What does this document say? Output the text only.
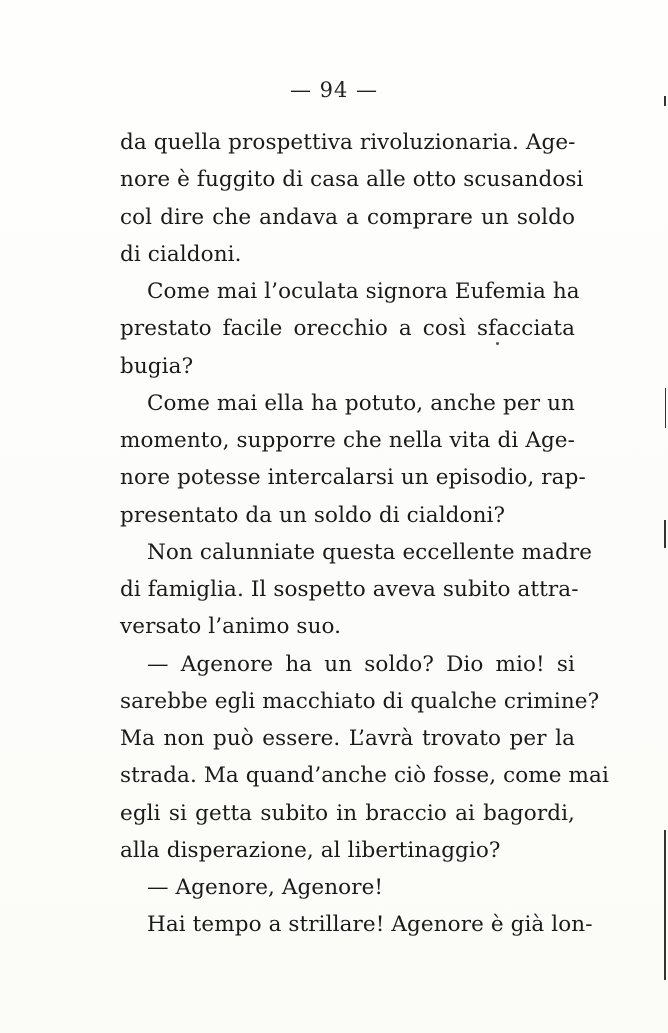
— 94 —
da quella prospettiva rivoluzionaria. Age-
nore è fuggito di casa alle otto scusandosi
col dire che andava a comprare un soldo
di cialdoni.
Come mai l’oculata signora Eufemia ha
prestato facile orecchio a così sfacciata
bugia?
Come mai ella ha potuto, anche per un
momento, supporre che nella vita di Age-
nore potesse intercalarsi un episodio, rap-
presentato da un soldo di cialdoni?
Non calunniate questa eccellente madre
di famiglia. Il sospetto aveva subito attra-
versato l’animo suo.
— Agenore ha un soldo? Dio mio! si
sarebbe egli macchiato di qualche crimine?
Ma non può essere. L’avrà trovato per la
strada. Ma quand’anche ciò fosse, come mai
egli si getta subito in braccio ai bagordi,
alla disperazione, al libertinaggio?
— Agenore, Agenore!
Hai tempo a strillare! Agenore è già lon-
